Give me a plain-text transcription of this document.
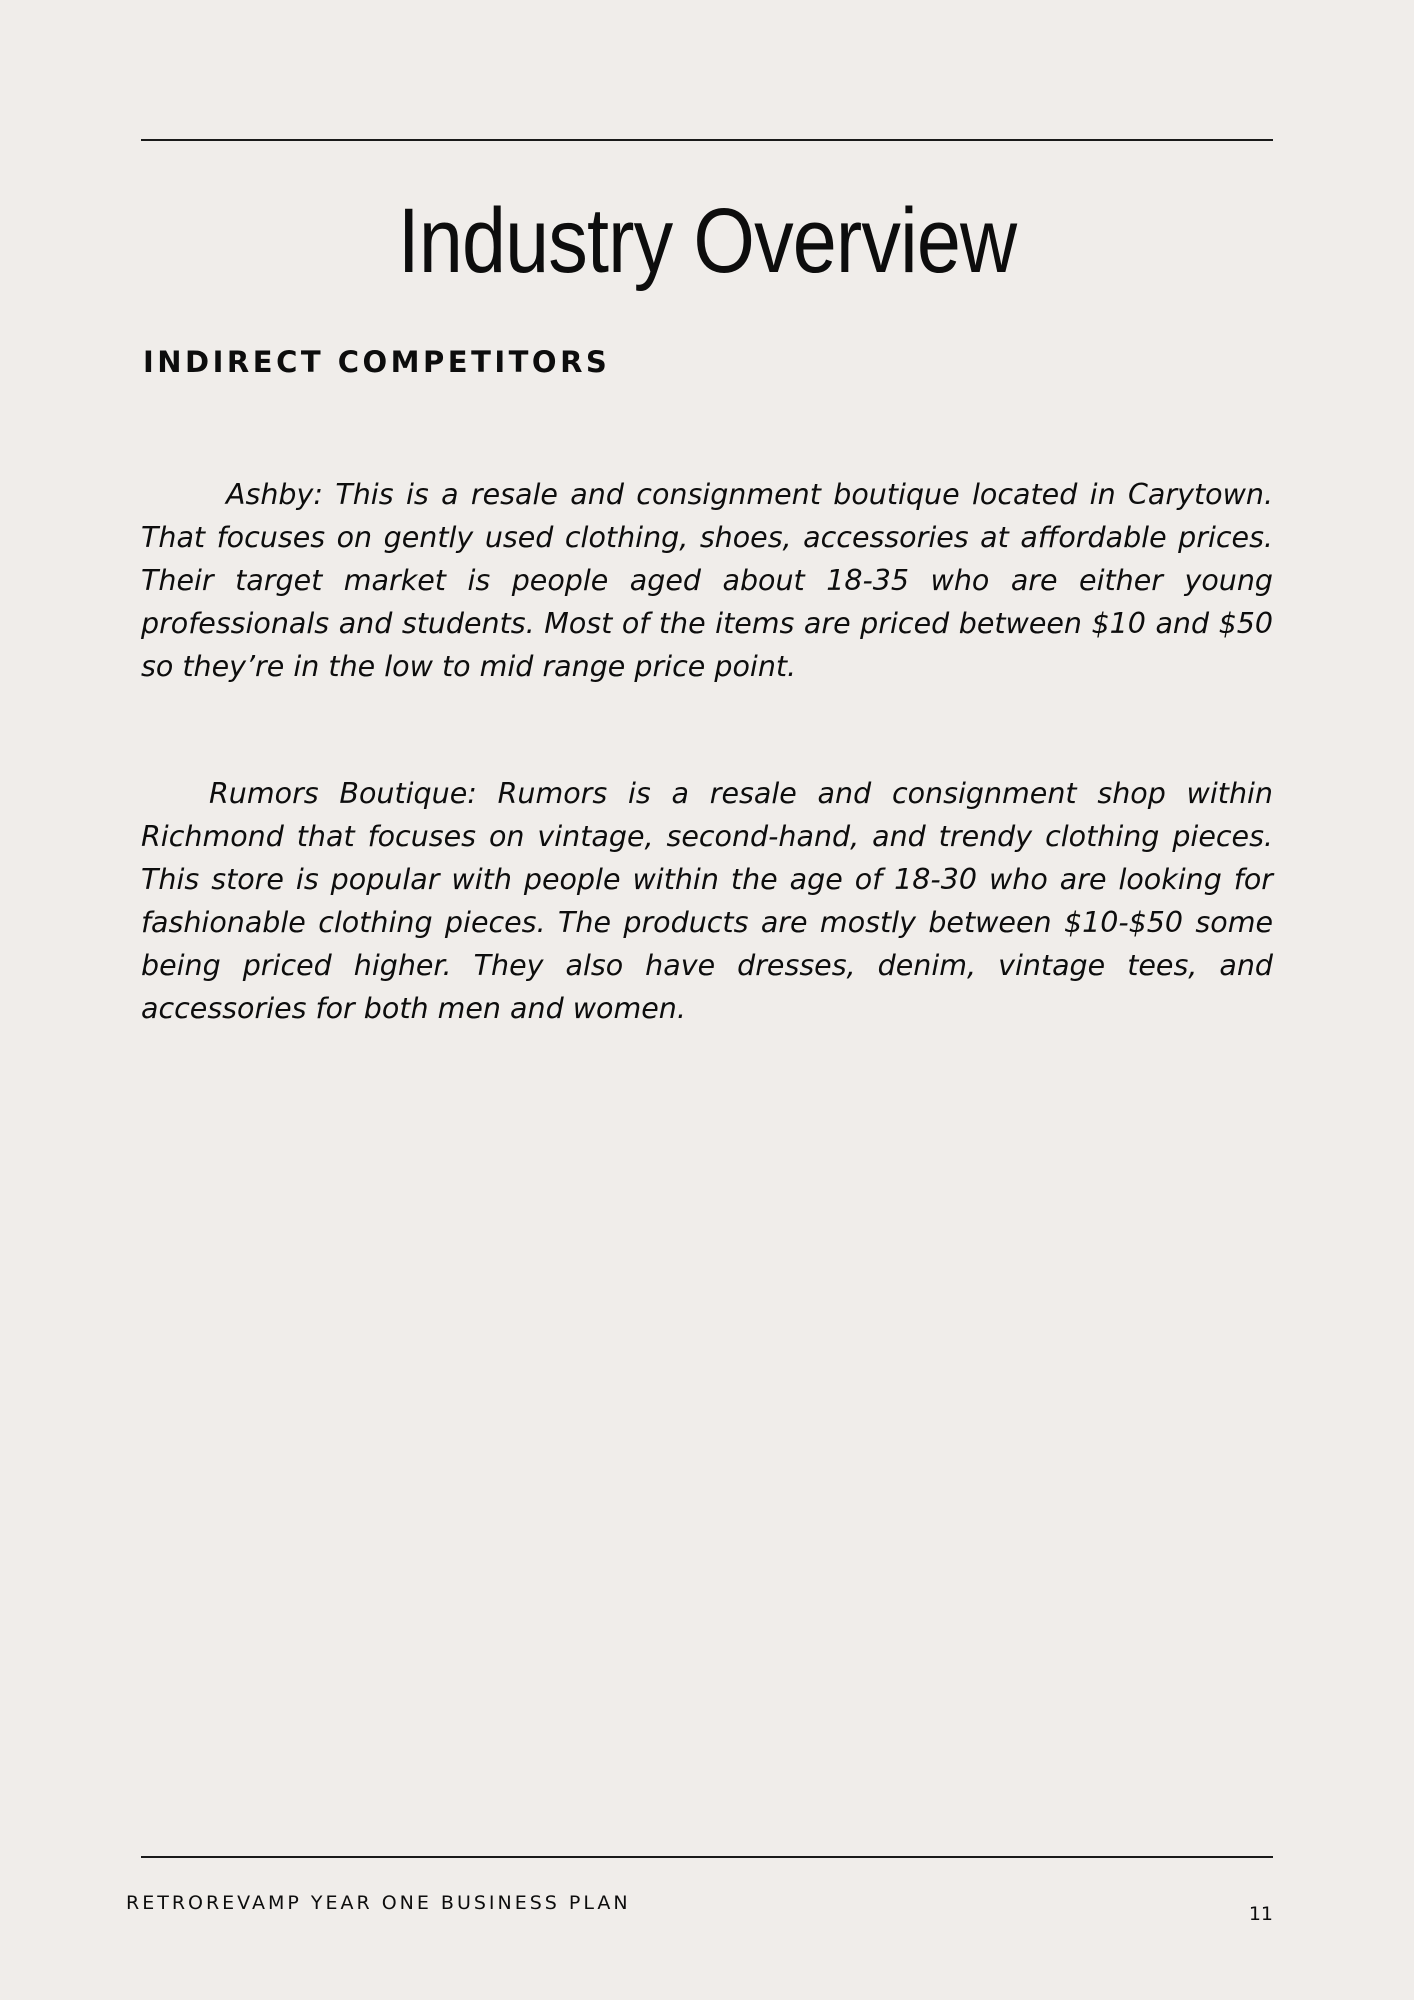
Industry Overview
INDIRECT COMPETITORS

Ashby: This is a resale and consignment boutique located in Carytown. That focuses on gently used clothing, shoes, accessories at affordable prices. Their target market is people aged about 18-35 who are either young professionals and students. Most of the items are priced between $10 and $50 so they’re in the low to mid range price point.

Rumors Boutique: Rumors is a resale and consignment shop within Richmond that focuses on vintage, second-hand, and trendy clothing pieces. This store is popular with people within the age of 18-30 who are looking for fashionable clothing pieces. The products are mostly between $10-$50 some being priced higher. They also have dresses, denim, vintage tees, and accessories for both men and women.

RETROREVAMP YEAR ONE BUSINESS PLAN	11
